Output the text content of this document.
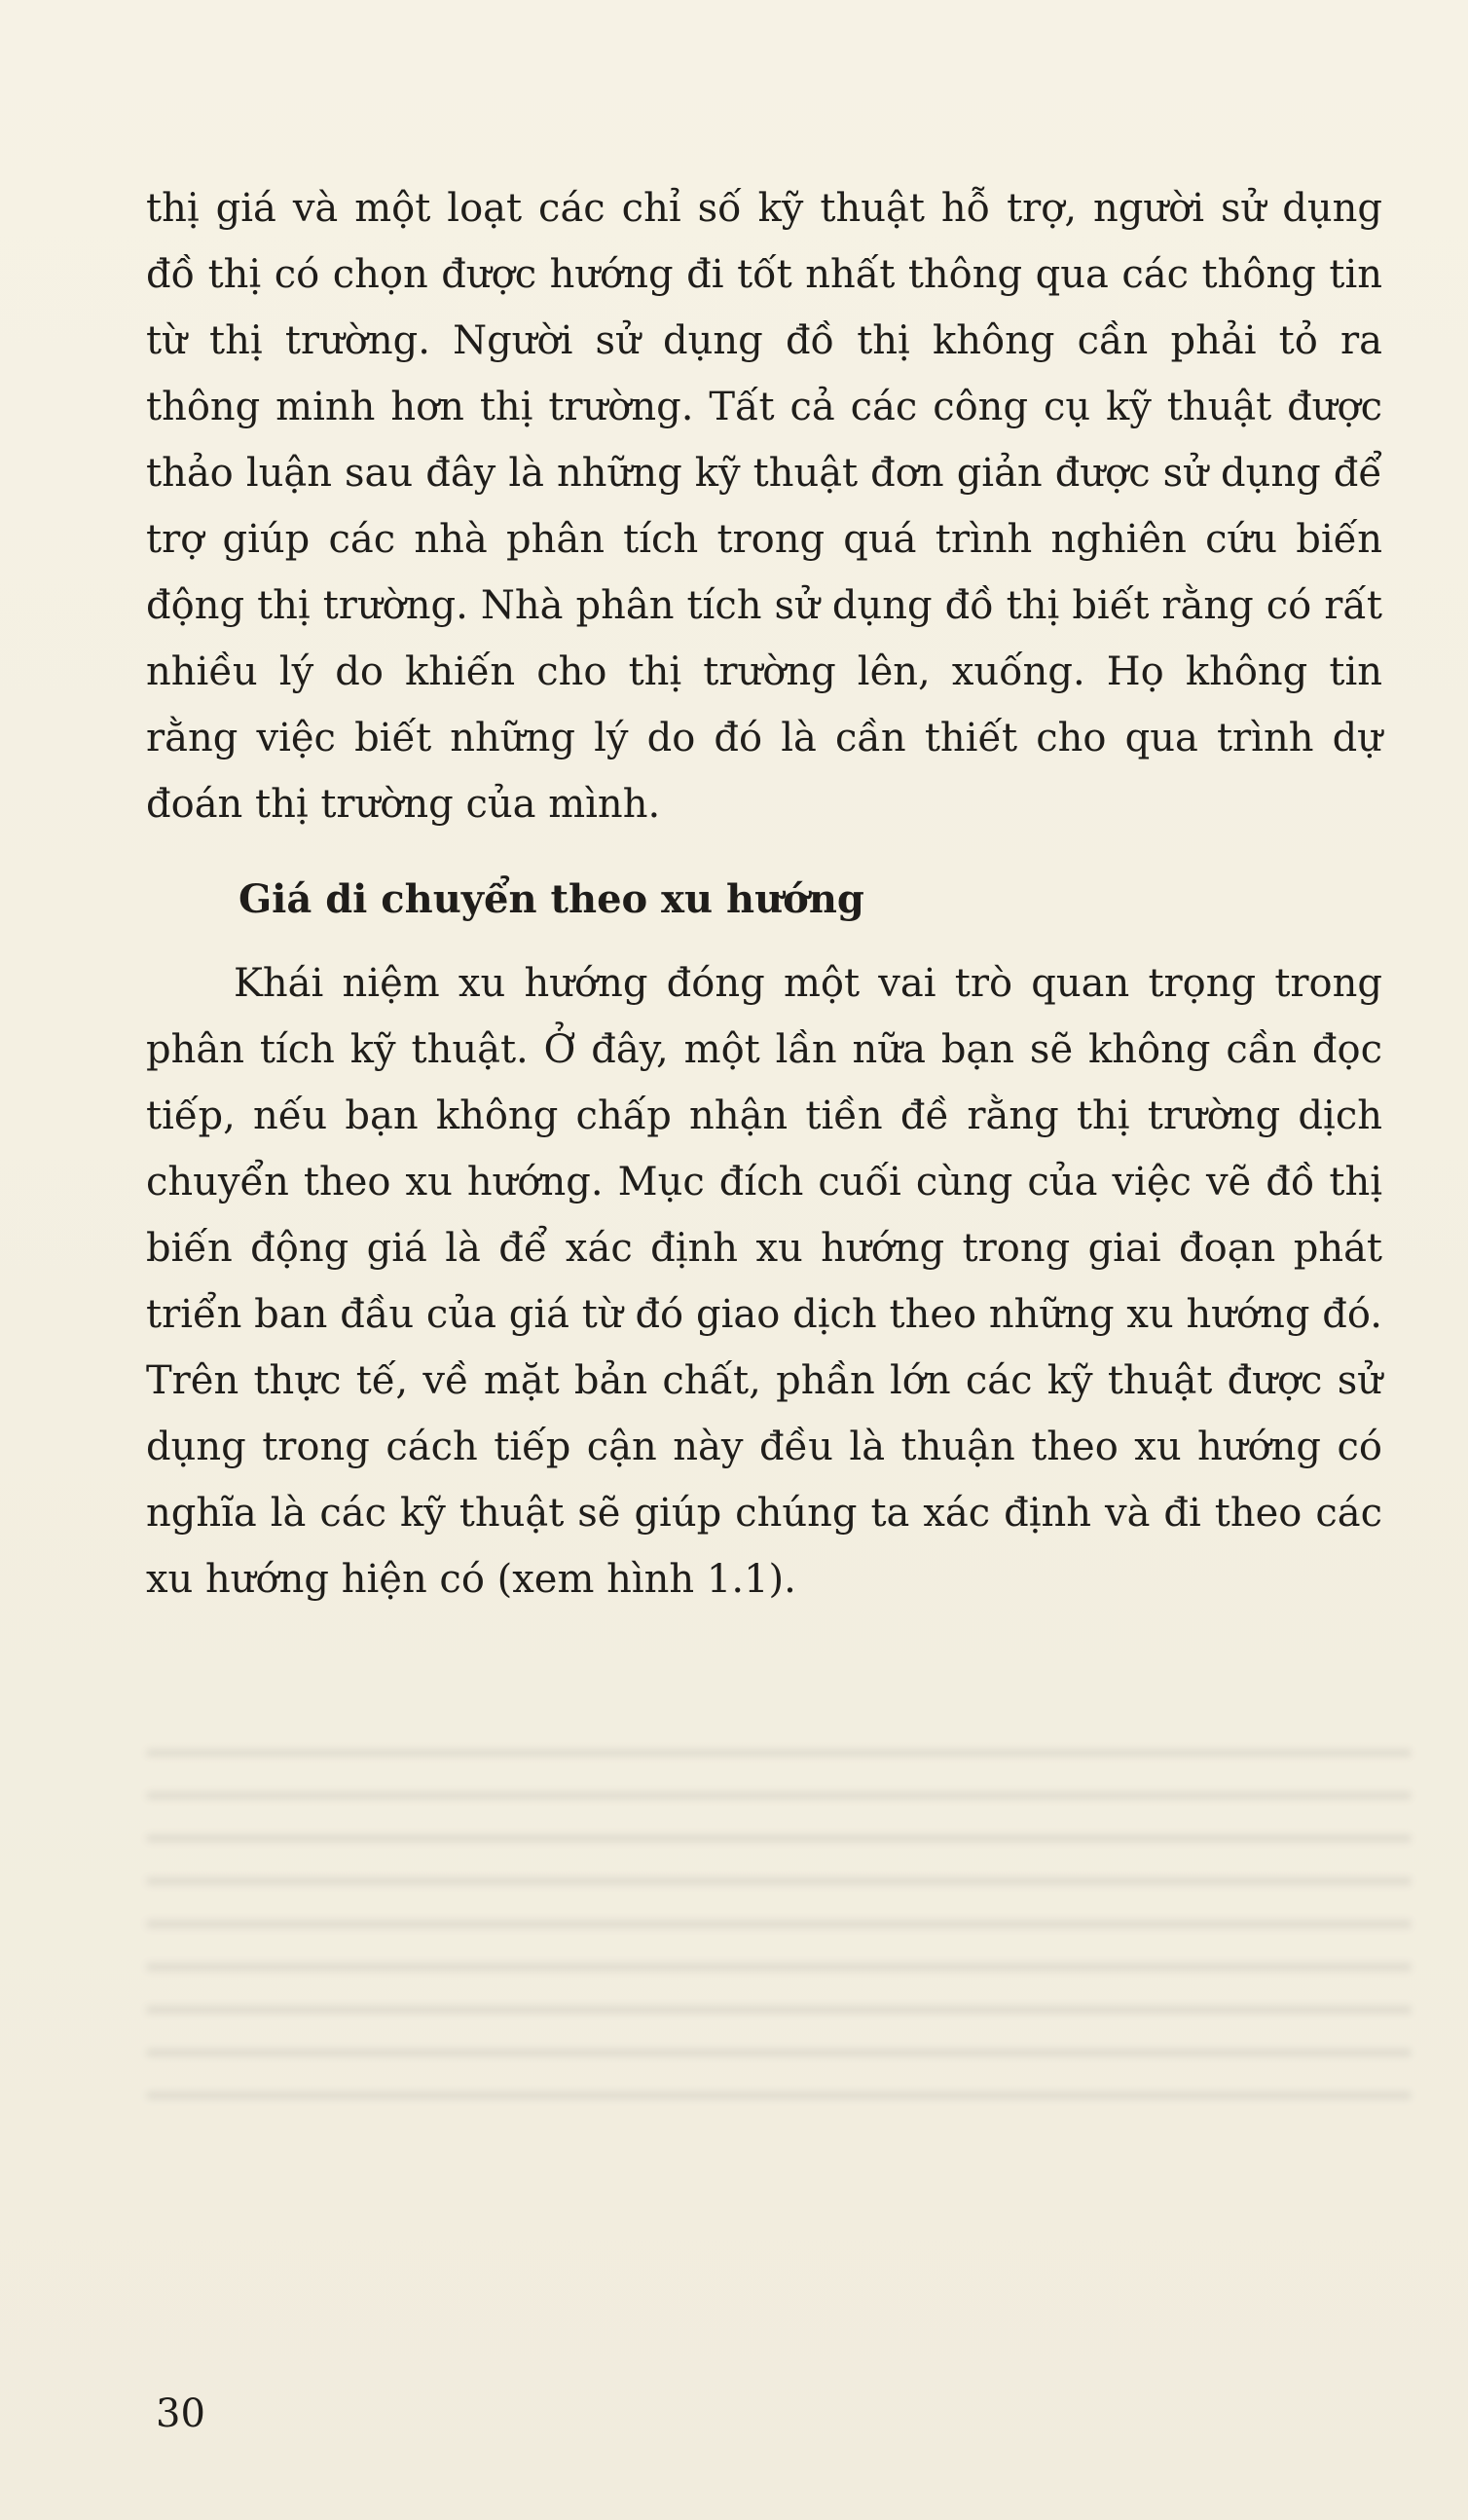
thị giá và một loạt các chỉ số kỹ thuật hỗ trợ, người sử dụng đồ thị có chọn được hướng đi tốt nhất thông qua các thông tin từ thị trường. Người sử dụng đồ thị không cần phải tỏ ra thông minh hơn thị trường. Tất cả các công cụ kỹ thuật được thảo luận sau đây là những kỹ thuật đơn giản được sử dụng để trợ giúp các nhà phân tích trong quá trình nghiên cứu biến động thị trường. Nhà phân tích sử dụng đồ thị biết rằng có rất nhiều lý do khiến cho thị trường lên, xuống. Họ không tin rằng việc biết những lý do đó là cần thiết cho qua trình dự đoán thị trường của mình.

Giá di chuyển theo xu hướng

Khái niệm xu hướng đóng một vai trò quan trọng trong phân tích kỹ thuật. Ở đây, một lần nữa bạn sẽ không cần đọc tiếp, nếu bạn không chấp nhận tiền đề rằng thị trường dịch chuyển theo xu hướng. Mục đích cuối cùng của việc vẽ đồ thị biến động giá là để xác định xu hướng trong giai đoạn phát triển ban đầu của giá từ đó giao dịch theo những xu hướng đó. Trên thực tế, về mặt bản chất, phần lớn các kỹ thuật được sử dụng trong cách tiếp cận này đều là thuận theo xu hướng có nghĩa là các kỹ thuật sẽ giúp chúng ta xác định và đi theo các xu hướng hiện có (xem hình 1.1).

30
